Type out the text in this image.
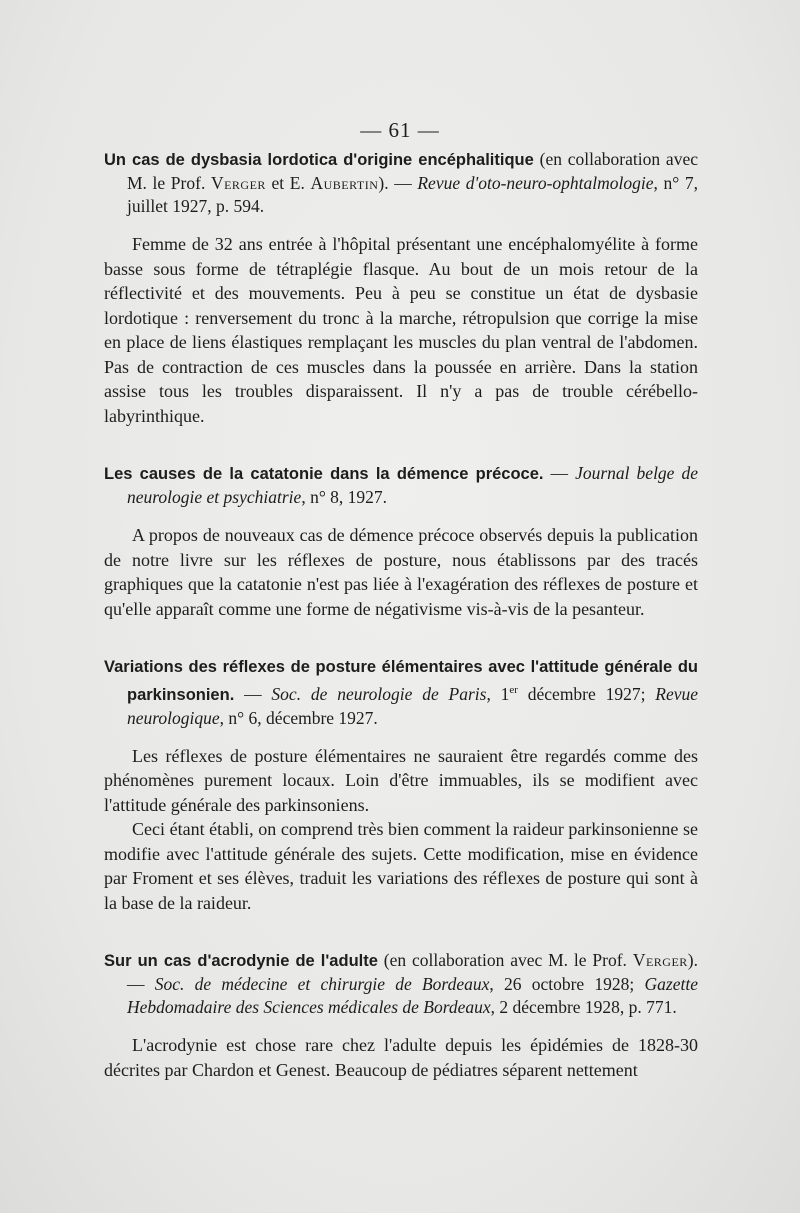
— 61 —

Un cas de dysbasia lordotica d'origine encéphalitique (en collaboration avec M. le Prof. Verger et E. Aubertin). — Revue d'oto-neuro-ophtalmologie, n° 7, juillet 1927, p. 594.

Femme de 32 ans entrée à l'hôpital présentant une encéphalomyélite à forme basse sous forme de tétraplégie flasque. Au bout de un mois retour de la réflectivité et des mouvements. Peu à peu se constitue un état de dysbasie lordotique : renversement du tronc à la marche, rétropulsion que corrige la mise en place de liens élastiques remplaçant les muscles du plan ventral de l'abdomen. Pas de contraction de ces muscles dans la poussée en arrière. Dans la station assise tous les troubles disparaissent. Il n'y a pas de trouble cérébello-labyrinthique.

Les causes de la catatonie dans la démence précoce. — Journal belge de neurologie et psychiatrie, n° 8, 1927.

A propos de nouveaux cas de démence précoce observés depuis la publication de notre livre sur les réflexes de posture, nous établissons par des tracés graphiques que la catatonie n'est pas liée à l'exagération des réflexes de posture et qu'elle apparaît comme une forme de négativisme vis-à-vis de la pesanteur.

Variations des réflexes de posture élémentaires avec l'attitude générale du parkinsonien. — Soc. de neurologie de Paris, 1er décembre 1927; Revue neurologique, n° 6, décembre 1927.

Les réflexes de posture élémentaires ne sauraient être regardés comme des phénomènes purement locaux. Loin d'être immuables, ils se modifient avec l'attitude générale des parkinsoniens.

Ceci étant établi, on comprend très bien comment la raideur parkinsonienne se modifie avec l'attitude générale des sujets. Cette modification, mise en évidence par Froment et ses élèves, traduit les variations des réflexes de posture qui sont à la base de la raideur.

Sur un cas d'acrodynie de l'adulte (en collaboration avec M. le Prof. Verger). — Soc. de médecine et chirurgie de Bordeaux, 26 octobre 1928; Gazette Hebdomadaire des Sciences médicales de Bordeaux, 2 décembre 1928, p. 771.

L'acrodynie est chose rare chez l'adulte depuis les épidémies de 1828-30 décrites par Chardon et Genest. Beaucoup de pédiatres séparent nettement
